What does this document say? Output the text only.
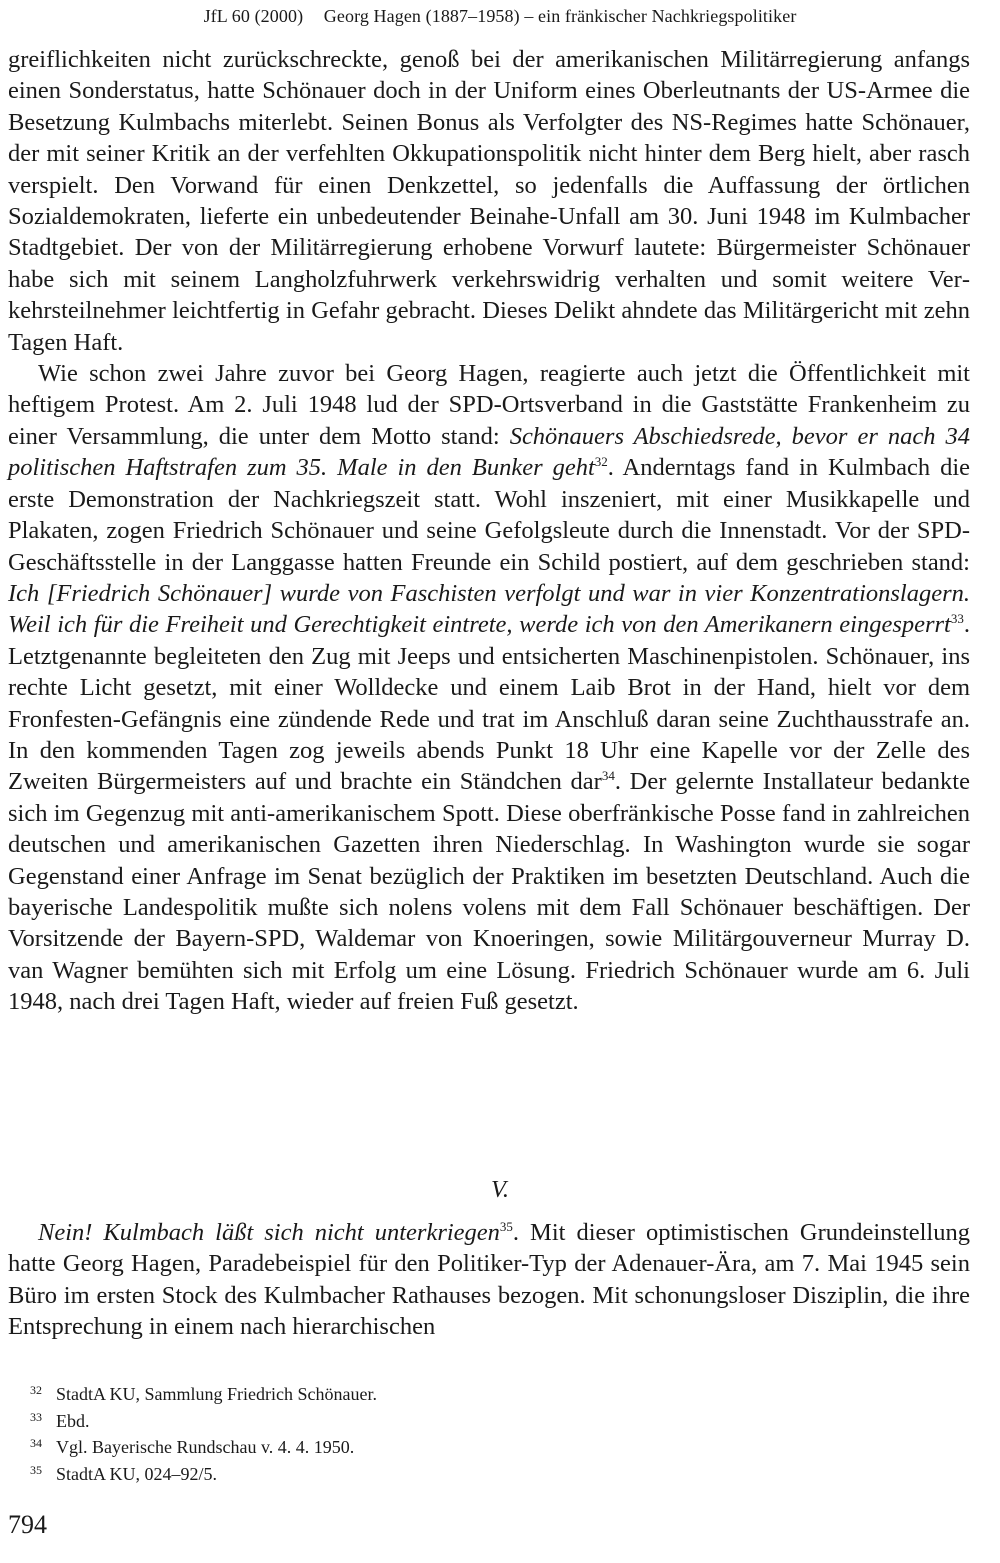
JfL 60 (2000) Georg Hagen (1887–1958) – ein fränkischer Nachkriegspolitiker

greiflichkeiten nicht zurückschreckte, genoß bei der amerikanischen Militärregierung anfangs einen Sonderstatus, hatte Schönauer doch in der Uniform eines Oberleutnants der US-Armee die Besetzung Kulmbachs miterlebt. Seinen Bonus als Verfolgter des NS-Regimes hatte Schönauer, der mit seiner Kritik an der verfehlten Okkupationspolitik nicht hinter dem Berg hielt, aber rasch verspielt. Den Vorwand für einen Denkzettel, so jedenfalls die Auffassung der örtlichen Sozialdemokraten, lieferte ein unbedeutender Beinahe-Unfall am 30. Juni 1948 im Kulmbacher Stadtgebiet. Der von der Militärregierung erhobene Vorwurf lautete: Bürgermeister Schönauer habe sich mit seinem Langholzfuhrwerk verkehrswidrig verhalten und somit weitere Verkehrsteilnehmer leichtfertig in Gefahr gebracht. Dieses Delikt ahndete das Militärgericht mit zehn Tagen Haft.

Wie schon zwei Jahre zuvor bei Georg Hagen, reagierte auch jetzt die Öffentlichkeit mit heftigem Protest. Am 2. Juli 1948 lud der SPD-Ortsverband in die Gaststätte Frankenheim zu einer Versammlung, die unter dem Motto stand: Schönauers Abschiedsrede, bevor er nach 34 politischen Haftstrafen zum 35. Male in den Bunker geht$^{32}$. Anderntags fand in Kulmbach die erste Demonstration der Nachkriegszeit statt. Wohl inszeniert, mit einer Musikkapelle und Plakaten, zogen Friedrich Schönauer und seine Gefolgsleute durch die Innenstadt. Vor der SPD-Geschäftsstelle in der Langgasse hatten Freunde ein Schild postiert, auf dem geschrieben stand: Ich [Friedrich Schönauer] wurde von Faschisten verfolgt und war in vier Konzentrationslagern. Weil ich für die Freiheit und Gerechtigkeit eintrete, werde ich von den Amerikanern eingesperrt$^{33}$. Letztgenannte begleiteten den Zug mit Jeeps und entsicherten Maschinenpistolen. Schönauer, ins rechte Licht gesetzt, mit einer Wolldecke und einem Laib Brot in der Hand, hielt vor dem Fronfesten-Gefängnis eine zündende Rede und trat im Anschluß daran seine Zuchthausstrafe an. In den kommenden Tagen zog jeweils abends Punkt 18 Uhr eine Kapelle vor der Zelle des Zweiten Bürgermeisters auf und brachte ein Ständchen dar$^{34}$. Der gelernte Installateur bedankte sich im Gegenzug mit anti-amerikanischem Spott. Diese oberfränkische Posse fand in zahlreichen deutschen und amerikanischen Gazetten ihren Niederschlag. In Washington wurde sie sogar Gegenstand einer Anfrage im Senat bezüglich der Praktiken im besetzten Deutschland. Auch die bayerische Landespolitik mußte sich nolens volens mit dem Fall Schönauer beschäftigen. Der Vorsitzende der Bayern-SPD, Waldemar von Knoeringen, sowie Militärgouverneur Murray D. van Wagner bemühten sich mit Erfolg um eine Lösung. Friedrich Schönauer wurde am 6. Juli 1948, nach drei Tagen Haft, wieder auf freien Fuß gesetzt.

V.

Nein! Kulmbach läßt sich nicht unterkriegen$^{35}$. Mit dieser optimistischen Grundeinstellung hatte Georg Hagen, Paradebeispiel für den Politiker-Typ der Adenauer-Ära, am 7. Mai 1945 sein Büro im ersten Stock des Kulmbacher Rathauses bezogen. Mit schonungsloser Disziplin, die ihre Entsprechung in einem nach hierarchischen

32 StadtA KU, Sammlung Friedrich Schönauer.
33 Ebd.
34 Vgl. Bayerische Rundschau v. 4. 4. 1950.
35 StadtA KU, 024–92/5.
794
